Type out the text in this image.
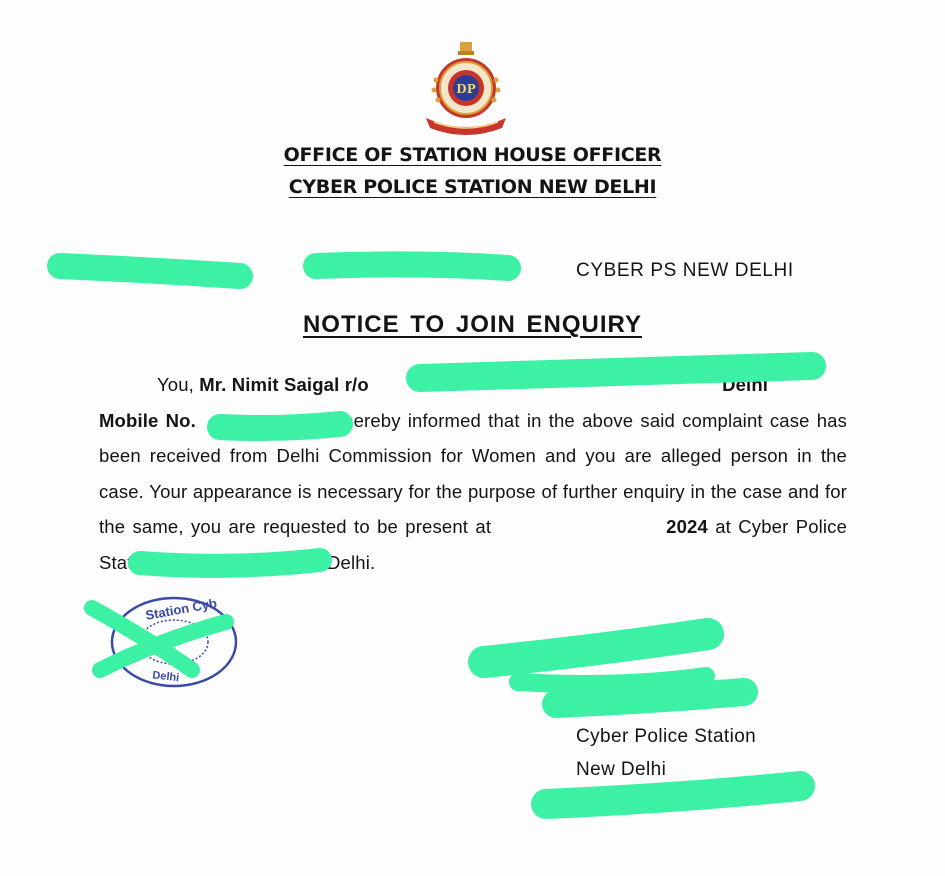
DP
OFFICE OF STATION HOUSE OFFICER
CYBER POLICE STATION NEW DELHI
CYBER PS NEW DELHI
NOTICE TO JOIN ENQUIRY

You, Mr. Nimit Saigal r/o	Delhi

Mobile No.	hereby informed that in the above said complaint case has been received from Delhi Commission for Women and you are alleged person in the case. Your appearance is necessary for the purpose of further enquiry in the case and for the same, you are requested to be present at	2024 at Cyber Police Station, Mandir Marg, New Delhi.
Station Cyb
Delhi
Cyber Police Station
New Delhi
